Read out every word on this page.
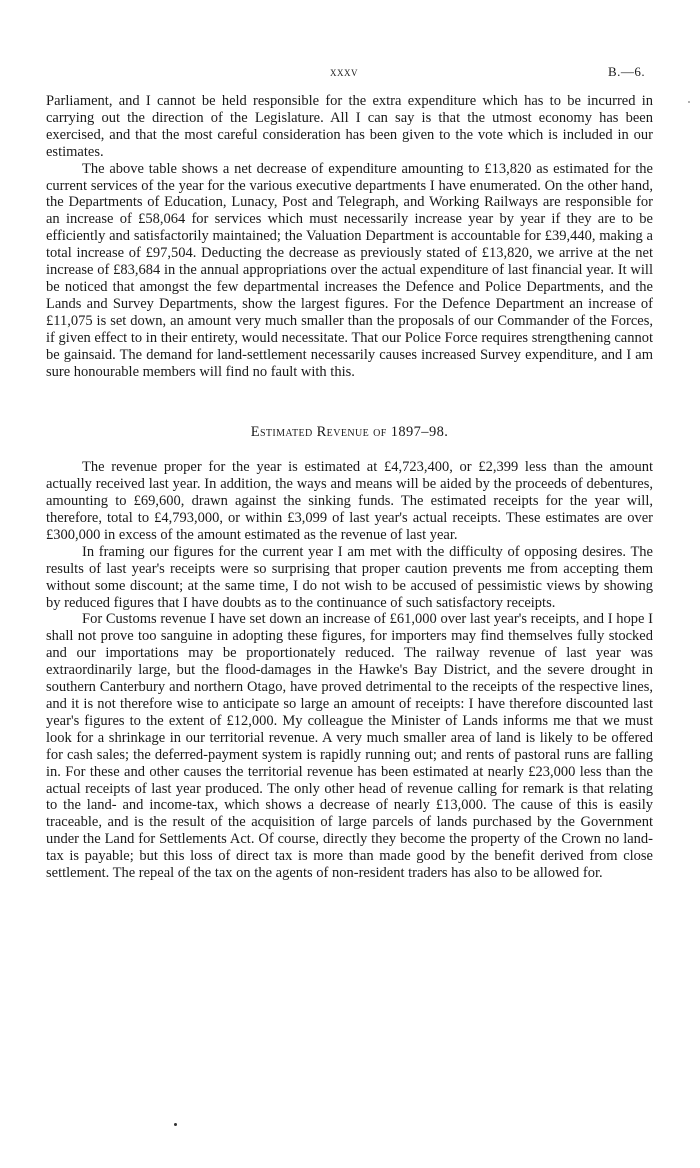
xxxv	B.—6.

Parliament, and I cannot be held responsible for the extra expenditure which has to be incurred in carrying out the direction of the Legislature. All I can say is that the utmost economy has been exercised, and that the most careful consideration has been given to the vote which is included in our estimates.

The above table shows a net decrease of expenditure amounting to £13,820 as estimated for the current services of the year for the various executive departments I have enumerated. On the other hand, the Departments of Education, Lunacy, Post and Telegraph, and Working Railways are responsible for an increase of £58,064 for services which must necessarily increase year by year if they are to be efficiently and satisfactorily maintained; the Valuation Department is accountable for £39,440, making a total increase of £97,504. Deducting the decrease as previously stated of £13,820, we arrive at the net increase of £83,684 in the annual appropriations over the actual expenditure of last financial year. It will be noticed that amongst the few departmental increases the Defence and Police Departments, and the Lands and Survey Departments, show the largest figures. For the Defence Department an increase of £11,075 is set down, an amount very much smaller than the proposals of our Commander of the Forces, if given effect to in their entirety, would necessitate. That our Police Force requires strengthening cannot be gainsaid. The demand for land-settlement necessarily causes increased Survey expenditure, and I am sure honourable members will find no fault with this.

Estimated Revenue of 1897–98.

The revenue proper for the year is estimated at £4,723,400, or £2,399 less than the amount actually received last year. In addition, the ways and means will be aided by the proceeds of debentures, amounting to £69,600, drawn against the sinking funds. The estimated receipts for the year will, therefore, total to £4,793,000, or within £3,099 of last year's actual receipts. These estimates are over £300,000 in excess of the amount estimated as the revenue of last year.

In framing our figures for the current year I am met with the difficulty of opposing desires. The results of last year's receipts were so surprising that proper caution prevents me from accepting them without some discount; at the same time, I do not wish to be accused of pessimistic views by showing by reduced figures that I have doubts as to the continuance of such satisfactory receipts.

For Customs revenue I have set down an increase of £61,000 over last year's receipts, and I hope I shall not prove too sanguine in adopting these figures, for importers may find themselves fully stocked and our importations may be proportionately reduced. The railway revenue of last year was extraordinarily large, but the flood-damages in the Hawke's Bay District, and the severe drought in southern Canterbury and northern Otago, have proved detrimental to the receipts of the respective lines, and it is not therefore wise to anticipate so large an amount of receipts: I have therefore discounted last year's figures to the extent of £12,000. My colleague the Minister of Lands informs me that we must look for a shrinkage in our territorial revenue. A very much smaller area of land is likely to be offered for cash sales; the deferred-payment system is rapidly running out; and rents of pastoral runs are falling in. For these and other causes the territorial revenue has been estimated at nearly £23,000 less than the actual receipts of last year produced. The only other head of revenue calling for remark is that relating to the land- and income-tax, which shows a decrease of nearly £13,000. The cause of this is easily traceable, and is the result of the acquisition of large parcels of lands purchased by the Government under the Land for Settlements Act. Of course, directly they become the property of the Crown no land-tax is payable; but this loss of direct tax is more than made good by the benefit derived from close settlement. The repeal of the tax on the agents of non-resident traders has also to be allowed for.
